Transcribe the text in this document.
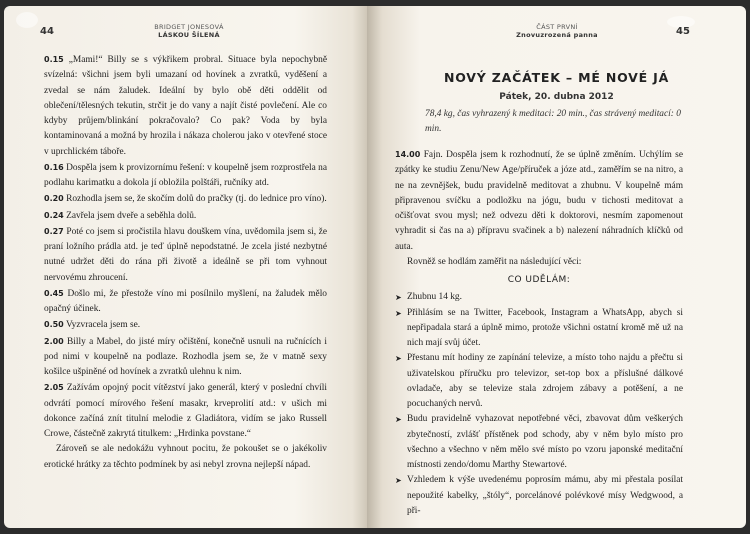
44	BRIDGET JONESOVÁ
LÁSKOU ŠÍLENÁ

0.15 „Mami!“ Billy se s výkřikem probral. Situace byla nepochybně svízelná: všichni jsem byli umazaní od hovínek a zvratků, vyděšení a zvedal se nám žaludek. Ideální by bylo obě děti oddělit od oblečení/tělesných tekutin, strčit je do vany a najít čisté povlečení. Ale co kdyby průjem/blinkání pokračovalo? Co pak? Voda by byla kontaminovaná a možná by hrozila i nákaza cholerou jako v otevřené stoce v uprchlickém táboře.

0.16 Dospěla jsem k provizornímu řešení: v koupelně jsem rozprostřela na podlahu karimatku a dokola jí obložila polštáři, ručníky atd.

0.20 Rozhodla jsem se, že skočím dolů do pračky (tj. do lednice pro víno).

0.24 Zavřela jsem dveře a seběhla dolů.

0.27 Poté co jsem si pročistila hlavu douškem vína, uvědomila jsem si, že praní ložního prádla atd. je teď úplně nepodstatné. Je zcela jisté nezbytné nutné udržet děti do rána při životě a ideálně se při tom vyhnout nervovému zhroucení.

0.45 Došlo mi, že přestože víno mi posílnilo myšlení, na žaludek mělo opačný účinek.

0.50 Vyzvracela jsem se.

2.00 Billy a Mabel, do jisté míry očištění, konečně usnuli na ručnících i pod nimi v koupelně na podlaze. Rozhodla jsem se, že v matně sexy košilce ušpiněné od hovínek a zvratků ulehnu k nim.

2.05 Zažívám opojný pocit vítězství jako generál, který v poslední chvíli odvrátí pomocí mírového řešení masakr, krveprolití atd.: v ušich mi dokonce začíná znít titulní melodie z Gladiátora, vidím se jako Russell Crowe, částečně zakrytá titulkem: „Hrdinka povstane.“

Zároveň se ale nedokážu vyhnout pocitu, že pokoušet se o jakékoliv erotické hrátky za těchto podmínek by asi nebyl zrovna nejlepší nápad.

ČÁST PRVNÍ
Znovuzrozená panna	45
NOVÝ ZAČÁTEK – MÉ NOVÉ JÁ
Pátek, 20. dubna 2012
78,4 kg, čas vyhrazený k meditaci: 20 min., čas strávený meditací: 0 min.

14.00 Fajn. Dospěla jsem k rozhodnutí, že se úplně změním. Uchýlím se zpátky ke studiu Zenu/New Age/příruček a józe atd., zaměřím se na nitro, a ne na zevnějšek, budu pravidelně meditovat a zhubnu. V koupelně mám připravenou svíčku a podložku na jógu, budu v tichosti meditovat a očišťovat svou mysl; než odvezu děti k doktorovi, nesmím zapomenout vyhradit si čas na a) přípravu svačinek a b) nalezení náhradních klíčků od auta.

Rovněž se hodlám zaměřit na následující věci:

CO UDĚLÁM:
➤ Zhubnu 14 kg.
➤ Přihlásím se na Twitter, Facebook, Instagram a WhatsApp, abych si nepřipadala stará a úplně mimo, protože všichni ostatní kromě mě už na nich mají svůj účet.
➤ Přestanu mít hodiny ze zapínání televize, a místo toho najdu a přečtu si uživatelskou příručku pro televizor, set-top box a příslušné dálkové ovladače, aby se televize stala zdrojem zábavy a potěšení, a ne pocuchaných nervů.
➤ Budu pravidelně vyhazovat nepotřebné věci, zbavovat dům veškerých zbytečností, zvlášť přístěnek pod schody, aby v něm bylo místo pro všechno a všechno v něm mělo své místo po vzoru japonské meditační místnosti zendo/domu Marthy Stewartové.
➤ Vzhledem k výše uvedenému poprosím mámu, aby mi přestala posílat nepoužité kabelky, „štóly“, porcelánové polévkové mísy Wedgwood, a při-
